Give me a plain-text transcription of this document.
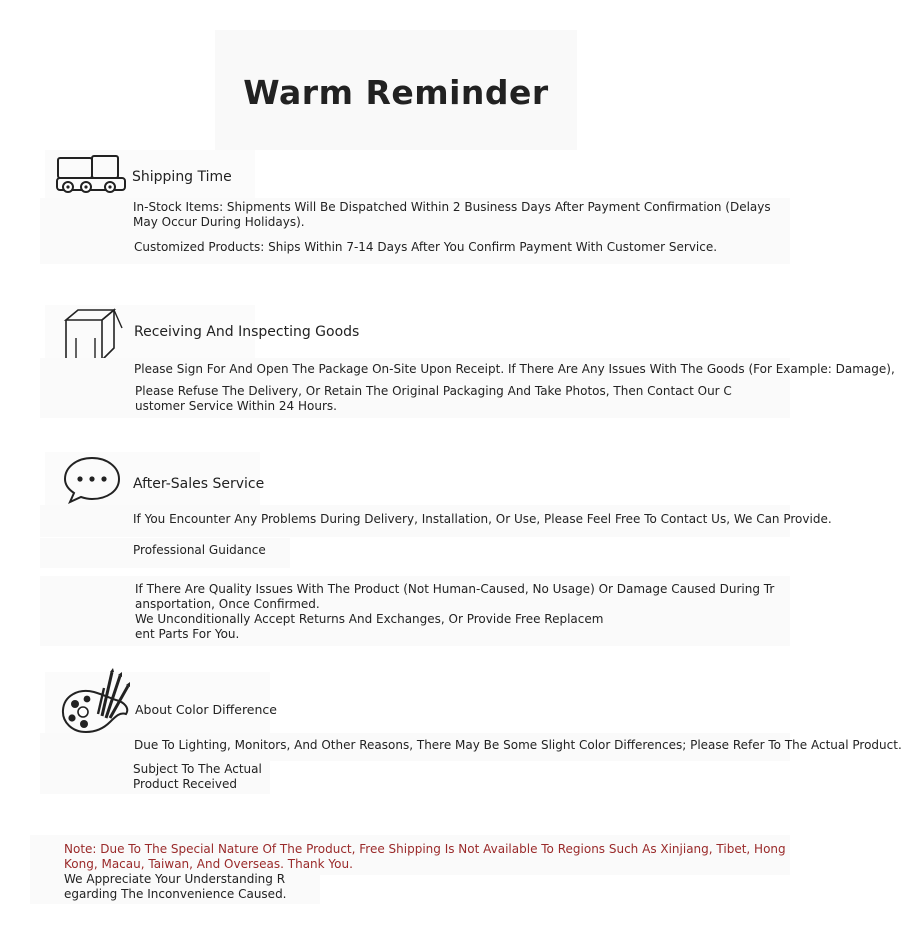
Warm Reminder
Shipping Time
In-Stock Items: Shipments Will Be Dispatched Within 2 Business Days After Payment Confirmation (Delays
May Occur During Holidays).
Customized Products: Ships Within 7-14 Days After You Confirm Payment With Customer Service.
Receiving And Inspecting Goods
Please Sign For And Open The Package On-Site Upon Receipt. If There Are Any Issues With The Goods (For Example: Damage),
Please Refuse The Delivery, Or Retain The Original Packaging And Take Photos, Then Contact Our C
ustomer Service Within 24 Hours.
After-Sales Service
If You Encounter Any Problems During Delivery, Installation, Or Use, Please Feel Free To Contact Us, We Can Provide.
Professional Guidance
If There Are Quality Issues With The Product (Not Human-Caused, No Usage) Or Damage Caused During Tr
ansportation, Once Confirmed.
We Unconditionally Accept Returns And Exchanges, Or Provide Free Replacem
ent Parts For You.
About Color Difference
Due To Lighting, Monitors, And Other Reasons, There May Be Some Slight Color Differences; Please Refer To The Actual Product.
Subject To The Actual
Product Received
Note: Due To The Special Nature Of The Product, Free Shipping Is Not Available To Regions Such As Xinjiang, Tibet, Hong
Kong, Macau, Taiwan, And Overseas. Thank You.
We Appreciate Your Understanding R
egarding The Inconvenience Caused.
